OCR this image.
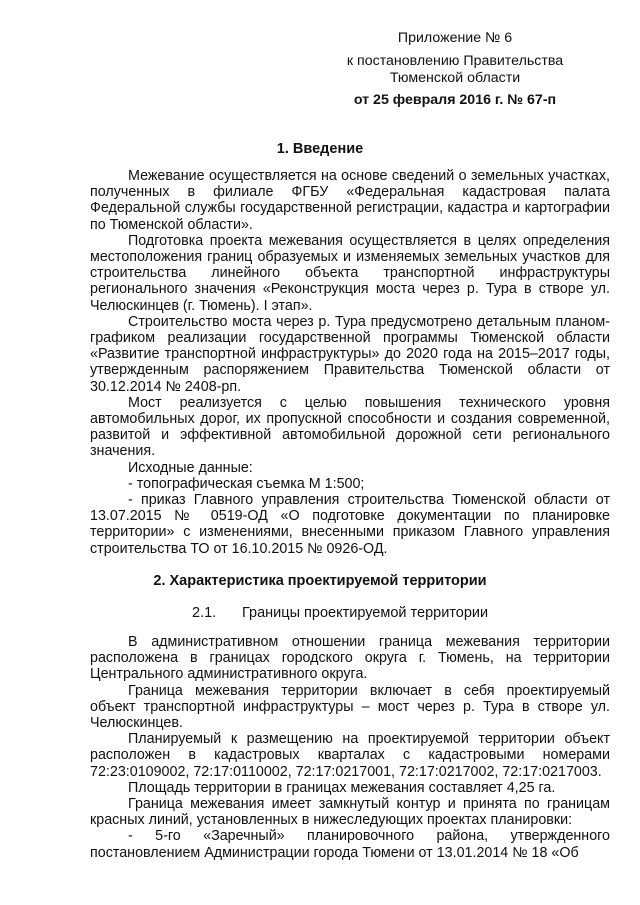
Приложение № 6
к постановлению Правительства
Тюменской области
от 25 февраля 2016 г. № 67-п
1. Введение

Межевание осуществляется на основе сведений о земельных участках, полученных в филиале ФГБУ «Федеральная кадастровая палата Федеральной службы государственной регистрации, кадастра и картографии по Тюменской области».

Подготовка проекта межевания осуществляется в целях определения местоположения границ образуемых и изменяемых земельных участков для строительства линейного объекта транспортной инфраструктуры регионального значения «Реконструкция моста через р. Тура в створе ул. Челюскинцев (г. Тюмень). I этап».

Строительство моста через р. Тура предусмотрено детальным планом-графиком реализации государственной программы Тюменской области «Развитие транспортной инфраструктуры» до 2020 года на 2015–2017 годы, утвержденным распоряжением Правительства Тюменской области от 30.12.2014 № 2408-рп.

Мост реализуется с целью повышения технического уровня автомобильных дорог, их пропускной способности и создания современной, развитой и эффективной автомобильной дорожной сети регионального значения.

Исходные данные:

- топографическая съемка М 1:500;

- приказ Главного управления строительства Тюменской области от 13.07.2015 № 0519-ОД «О подготовке документации по планировке территории» с изменениями, внесенными приказом Главного управления строительства ТО от 16.10.2015 № 0926-ОД.

2. Характеристика проектируемой территории
2.1. Границы проектируемой территории

В административном отношении граница межевания территории расположена в границах городского округа г. Тюмень, на территории Центрального административного округа.

Граница межевания территории включает в себя проектируемый объект транспортной инфраструктуры – мост через р. Тура в створе ул. Челюскинцев.

Планируемый к размещению на проектируемой территории объект расположен в кадастровых кварталах с кадастровыми номерами 72:23:0109002, 72:17:0110002, 72:17:0217001, 72:17:0217002, 72:17:0217003.

Площадь территории в границах межевания составляет 4,25 га.

Граница межевания имеет замкнутый контур и принята по границам красных линий, установленных в нижеследующих проектах планировки:

- 5-го «Заречный» планировочного района, утвержденного постановлением Администрации города Тюмени от 13.01.2014 № 18 «Об
